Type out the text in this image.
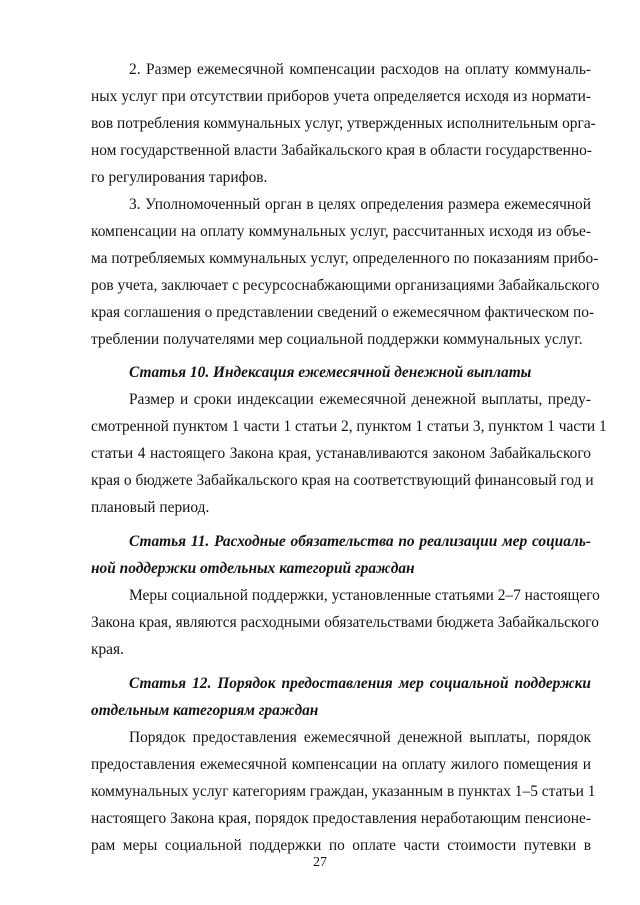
2. Размер ежемесячной компенсации расходов на оплату коммуналь-
ных услуг при отсутствии приборов учета определяется исходя из нормати-
вов потребления коммунальных услуг, утвержденных исполнительным орга-
ном государственной власти Забайкальского края в области государственно-
го регулирования тарифов.
3. Уполномоченный орган в целях определения размера ежемесячной
компенсации на оплату коммунальных услуг, рассчитанных исходя из объе-
ма потребляемых коммунальных услуг, определенного по показаниям прибо-
ров учета, заключает с ресурсоснабжающими организациями Забайкальского
края соглашения о представлении сведений о ежемесячном фактическом по-
треблении получателями мер социальной поддержки коммунальных услуг.
Статья 10. Индексация ежемесячной денежной выплаты
Размер и сроки индексации ежемесячной денежной выплаты, преду-
смотренной пунктом 1 части 1 статьи 2, пунктом 1 статьи 3, пунктом 1 части 1
статьи 4 настоящего Закона края, устанавливаются законом Забайкальского
края о бюджете Забайкальского края на соответствующий финансовый год и
плановый период.
Статья 11. Расходные обязательства по реализации мер социаль-
ной поддержки отдельных категорий граждан
Меры социальной поддержки, установленные статьями 2–7 настоящего
Закона края, являются расходными обязательствами бюджета Забайкальского
края.
Статья 12. Порядок предоставления мер социальной поддержки
отдельным категориям граждан
Порядок предоставления ежемесячной денежной выплаты, порядок
предоставления ежемесячной компенсации на оплату жилого помещения и
коммунальных услуг категориям граждан, указанным в пунктах 1–5 статьи 1
настоящего Закона края, порядок предоставления неработающим пенсионе-
рам меры социальной поддержки по оплате части стоимости путевки в
27
